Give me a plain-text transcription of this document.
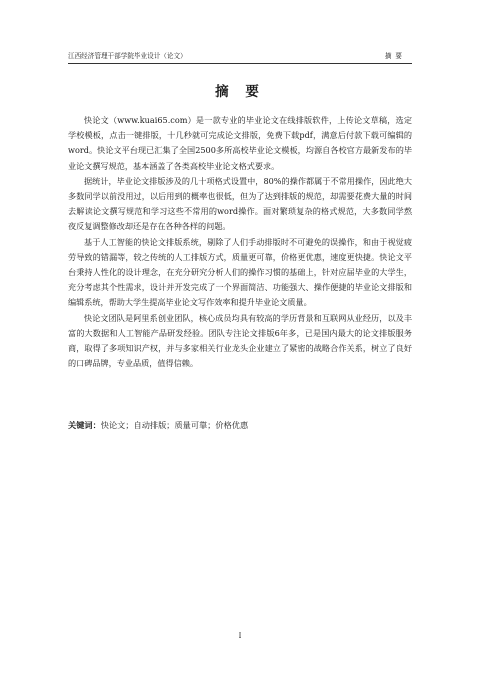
江西经济管理干部学院毕业设计（论文）	摘要
摘 要

快论文（www.kuai65.com）是一款专业的毕业论文在线排版软件，上传论文草稿，选定学校模板，点击一键排版，十几秒就可完成论文排版，免费下载pdf，满意后付款下载可编辑的word。快论文平台现已汇集了全国2500多所高校毕业论文模板，均源自各校官方最新发布的毕业论文撰写规范，基本涵盖了各类高校毕业论文格式要求。

据统计，毕业论文排版涉及的几十项格式设置中，80%的操作都属于不常用操作，因此绝大多数同学以前没用过，以后用到的概率也很低，但为了达到排版的规范，却需要花费大量的时间去解读论文撰写规范和学习这些不常用的word操作。面对繁琐复杂的格式规范，大多数同学熬夜反复调整修改却还是存在各种各样的问题。

基于人工智能的快论文排版系统，剔除了人们手动排版时不可避免的误操作，和由于视觉疲劳导致的错漏等，较之传统的人工排版方式，质量更可靠，价格更优惠，速度更快捷。快论文平台秉持人性化的设计理念，在充分研究分析人们的操作习惯的基础上，针对应届毕业的大学生，充分考虑其个性需求，设计并开发完成了一个界面简洁、功能强大、操作便捷的毕业论文排版和编辑系统，帮助大学生提高毕业论文写作效率和提升毕业论文质量。

快论文团队是阿里系创业团队，核心成员均具有较高的学历背景和互联网从业经历，以及丰富的大数据和人工智能产品研发经验。团队专注论文排版6年多，已是国内最大的论文排版服务商，取得了多项知识产权，并与多家相关行业龙头企业建立了紧密的战略合作关系，树立了良好的口碑品牌，专业品质，值得信赖。

关键词：快论文；自动排版；质量可靠；价格优惠
I
